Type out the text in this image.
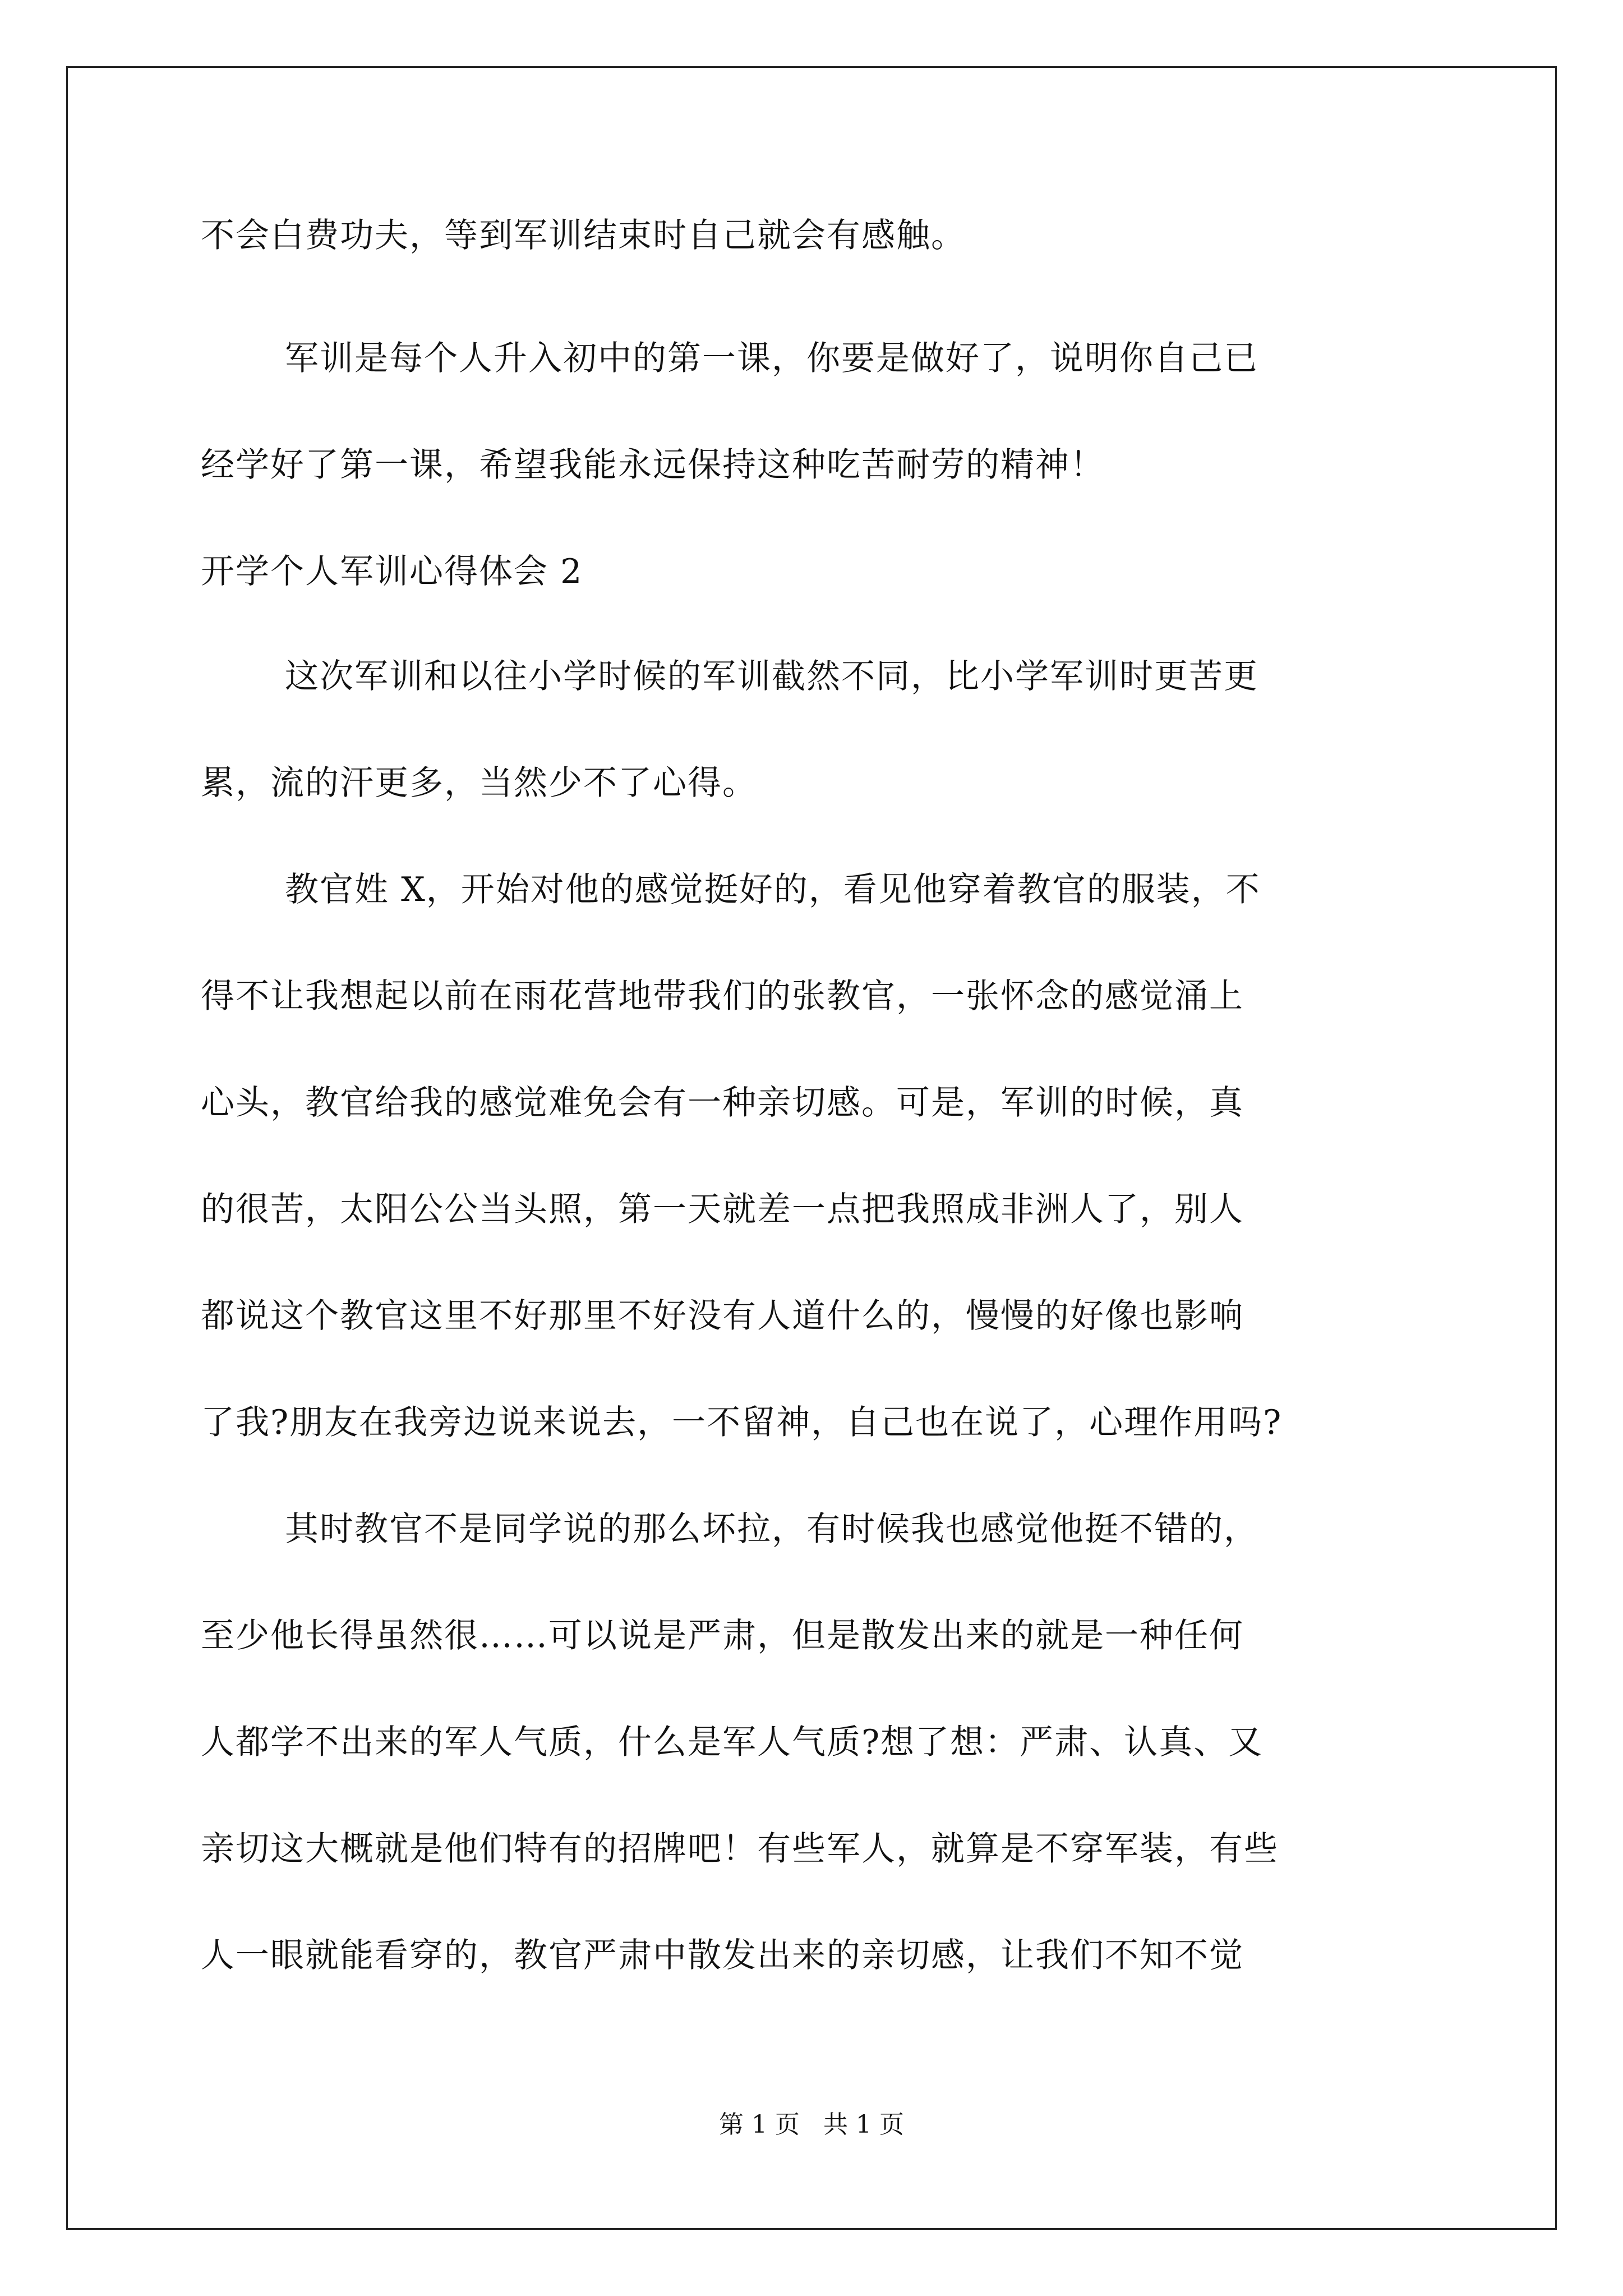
不会白费功夫，等到军训结束时自己就会有感触。
军训是每个人升入初中的第一课，你要是做好了，说明你自己已
经学好了第一课，希望我能永远保持这种吃苦耐劳的精神！
开学个人军训心得体会 2
这次军训和以往小学时候的军训截然不同，比小学军训时更苦更
累，流的汗更多，当然少不了心得。
教官姓 X，开始对他的感觉挺好的，看见他穿着教官的服装，不
得不让我想起以前在雨花营地带我们的张教官，一张怀念的感觉涌上
心头，教官给我的感觉难免会有一种亲切感。可是，军训的时候，真
的很苦，太阳公公当头照，第一天就差一点把我照成非洲人了，别人
都说这个教官这里不好那里不好没有人道什么的，慢慢的好像也影响
了我?朋友在我旁边说来说去，一不留神，自己也在说了，心理作用吗?
其时教官不是同学说的那么坏拉，有时候我也感觉他挺不错的，
至少他长得虽然很……可以说是严肃，但是散发出来的就是一种任何
人都学不出来的军人气质，什么是军人气质?想了想：严肃、认真、又
亲切这大概就是他们特有的招牌吧！有些军人，就算是不穿军装，有些
人一眼就能看穿的，教官严肃中散发出来的亲切感，让我们不知不觉
第 1 页   共 1 页
